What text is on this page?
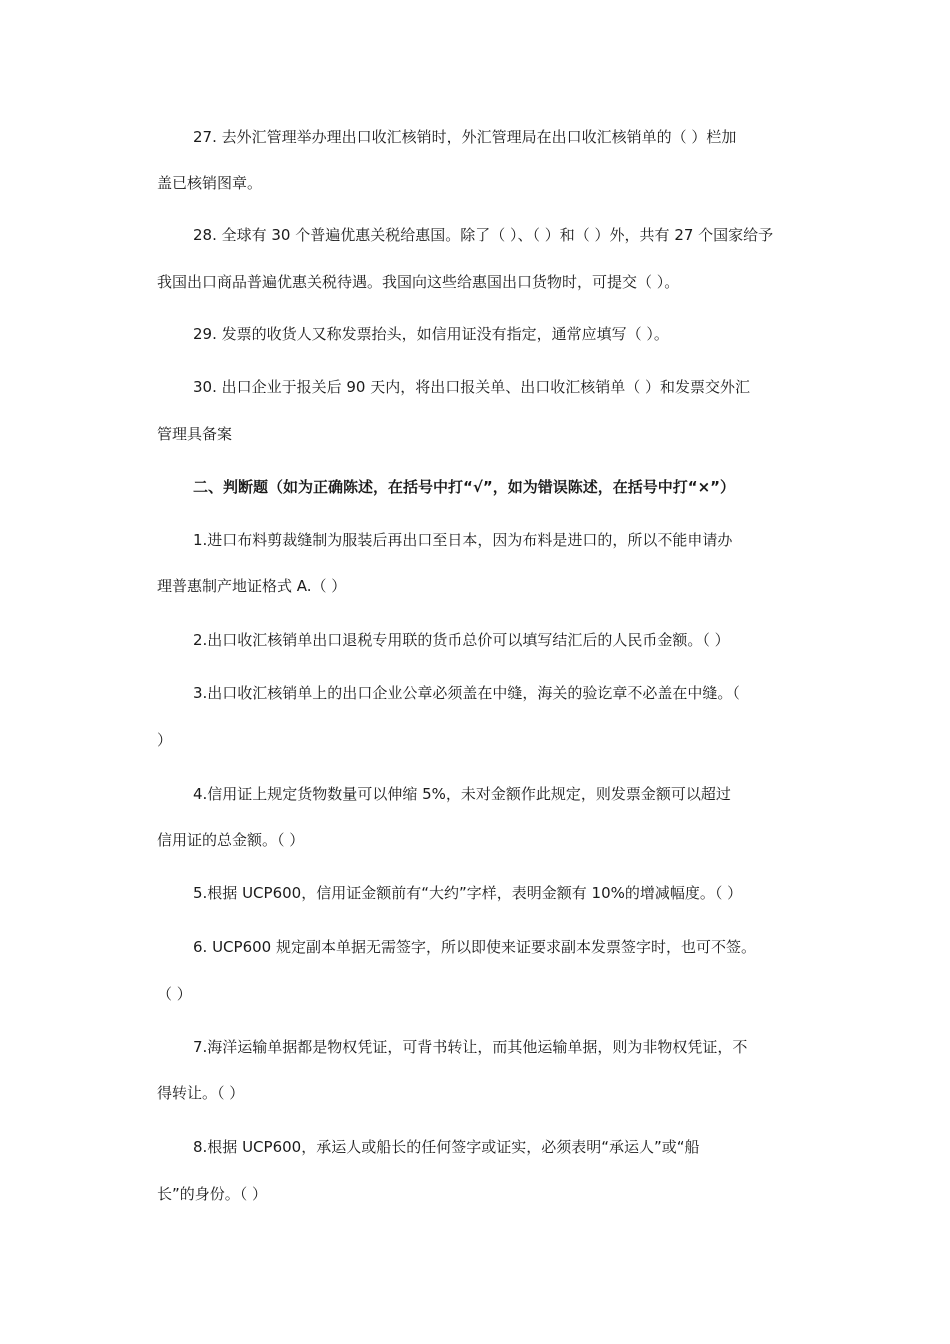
27. 去外汇管理举办理出口收汇核销时，外汇管理局在出口收汇核销单的（ ）栏加
盖已核销图章。
28. 全球有 30 个普遍优惠关税给惠国。除了（ ）、（ ）和（ ）外，共有 27 个国家给予
我国出口商品普遍优惠关税待遇。我国向这些给惠国出口货物时，可提交（ ）。
29. 发票的收货人又称发票抬头，如信用证没有指定，通常应填写（ ）。
30. 出口企业于报关后 90 天内，将出口报关单、出口收汇核销单（ ）和发票交外汇
管理具备案
二、判断题（如为正确陈述，在括号中打“√”，如为错误陈述，在括号中打“×”）
1.进口布料剪裁缝制为服装后再出口至日本，因为布料是进口的，所以不能申请办
理普惠制产地证格式 A.（ ）
2.出口收汇核销单出口退税专用联的货币总价可以填写结汇后的人民币金额。（ ）
3.出口收汇核销单上的出口企业公章必须盖在中缝，海关的验讫章不必盖在中缝。（
）
4.信用证上规定货物数量可以伸缩 5%，未对金额作此规定，则发票金额可以超过
信用证的总金额。（ ）
5.根据 UCP600，信用证金额前有“大约”字样，表明金额有 10%的增减幅度。（ ）
6. UCP600 规定副本单据无需签字，所以即使来证要求副本发票签字时，也可不签。
（ ）
7.海洋运输单据都是物权凭证，可背书转让，而其他运输单据，则为非物权凭证，不
得转让。（ ）
8.根据 UCP600，承运人或船长的任何签字或证实，必须表明“承运人”或“船
长”的身份。（ ）
